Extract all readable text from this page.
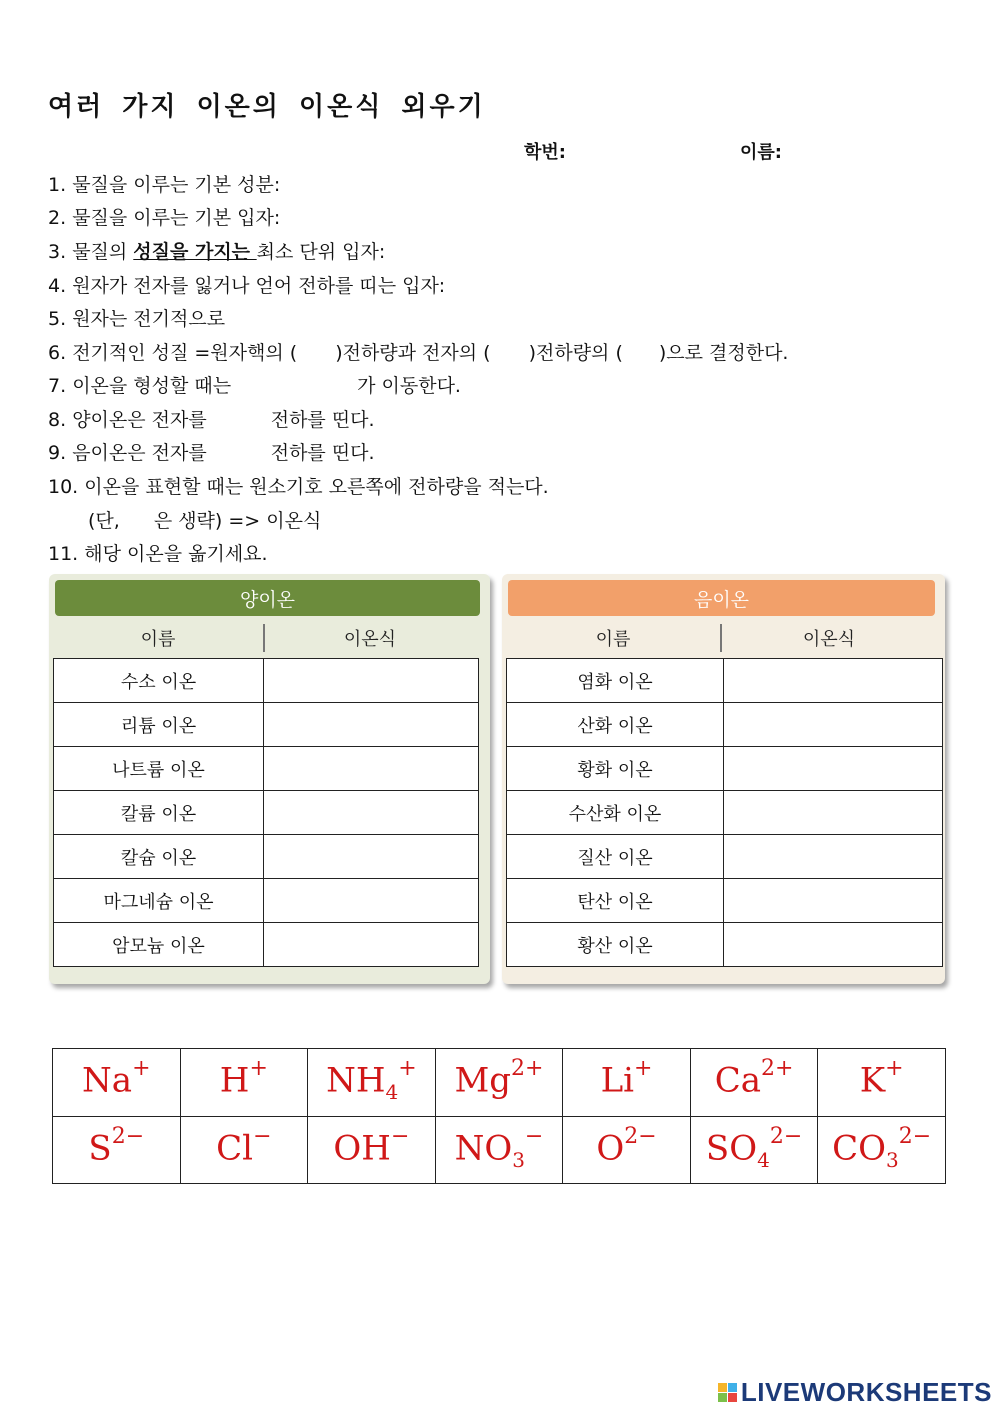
여러 가지 이온의 이온식 외우기
학번:	이름:
1. 물질을 이루는 기본 성분:
2. 물질을 이루는 기본 입자:
3. 물질의 성질을 가지는 최소 단위 입자:
4. 원자가 전자를 잃거나 얻어 전하를 띠는 입자:
5. 원자는 전기적으로
6. 전기적인 성질 =원자핵의 ( )전하량과 전자의 ( )전하량의 ( )으로 결정한다.
7. 이온을 형성할 때는	가 이동한다.
8. 양이온은 전자를	전하를 띤다.
9. 음이온은 전자를	전하를 띤다.
10. 이온을 표현할 때는 원소기호 오른쪽에 전하량을 적는다.
(단, 은 생략) => 이온식
11. 해당 이온을 옮기세요.
양이온
이름	이온식
수소 이온	
리튬 이온	
나트륨 이온	
칼륨 이온	
칼슘 이온	
마그네슘 이온	
암모늄 이온	
음이온
이름	이온식
염화 이온	
산화 이온	
황화 이온	
수산화 이온	
질산 이온	
탄산 이온	
황산 이온	
Na+	H+	$NH_4^+$	$Mg^{2+}$	Li+	$Ca^{2+}$	K+
$S^{2-}$	Cl−	OH−	$NO_3^-$	$O^{2-}$	$SO_4^{2-}$	$CO_3^{2-}$
LIVEWORKSHEETS
